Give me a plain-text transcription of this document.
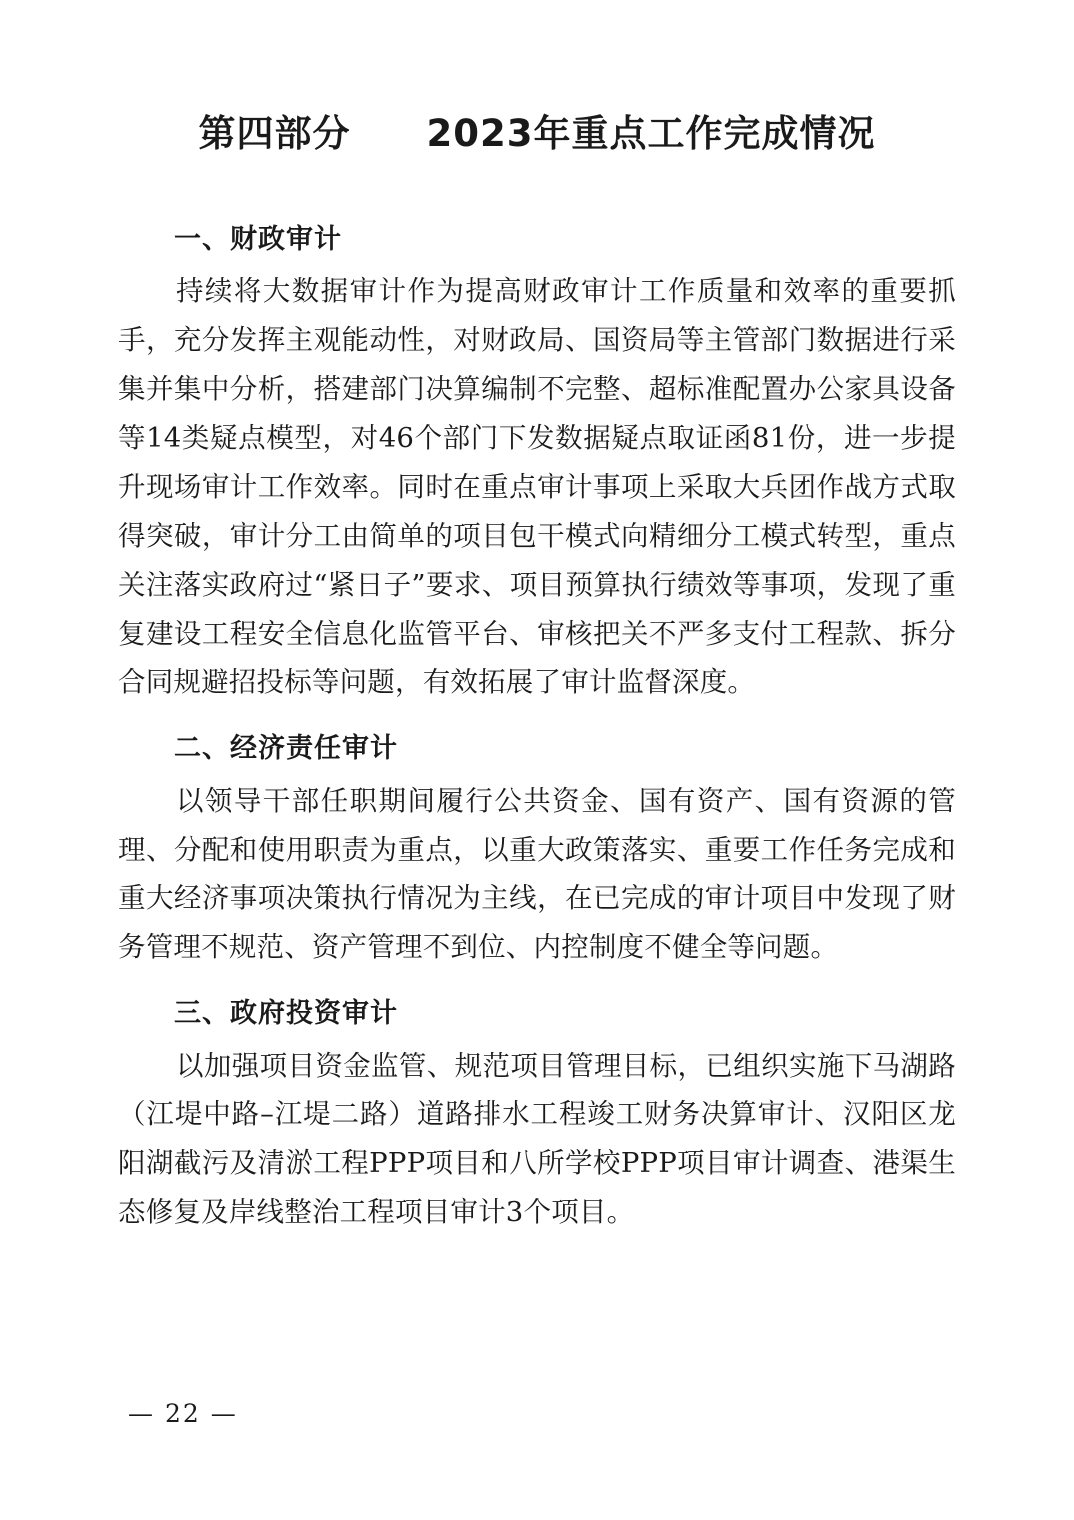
第四部分　　2023年重点工作完成情况
一、财政审计

持续将大数据审计作为提高财政审计工作质量和效率的重要抓手，充分发挥主观能动性，对财政局、国资局等主管部门数据进行采集并集中分析，搭建部门决算编制不完整、超标准配置办公家具设备等14类疑点模型，对46个部门下发数据疑点取证函81份，进一步提升现场审计工作效率。同时在重点审计事项上采取大兵团作战方式取得突破，审计分工由简单的项目包干模式向精细分工模式转型，重点关注落实政府过“紧日子”要求、项目预算执行绩效等事项，发现了重复建设工程安全信息化监管平台、审核把关不严多支付工程款、拆分合同规避招投标等问题，有效拓展了审计监督深度。

二、经济责任审计

以领导干部任职期间履行公共资金、国有资产、国有资源的管理、分配和使用职责为重点，以重大政策落实、重要工作任务完成和重大经济事项决策执行情况为主线，在已完成的审计项目中发现了财务管理不规范、资产管理不到位、内控制度不健全等问题。

三、政府投资审计

以加强项目资金监管、规范项目管理目标，已组织实施下马湖路（江堤中路–江堤二路）道路排水工程竣工财务决算审计、汉阳区龙阳湖截污及清淤工程PPP项目和八所学校PPP项目审计调查、港渠生态修复及岸线整治工程项目审计3个项目。

— 22 —
